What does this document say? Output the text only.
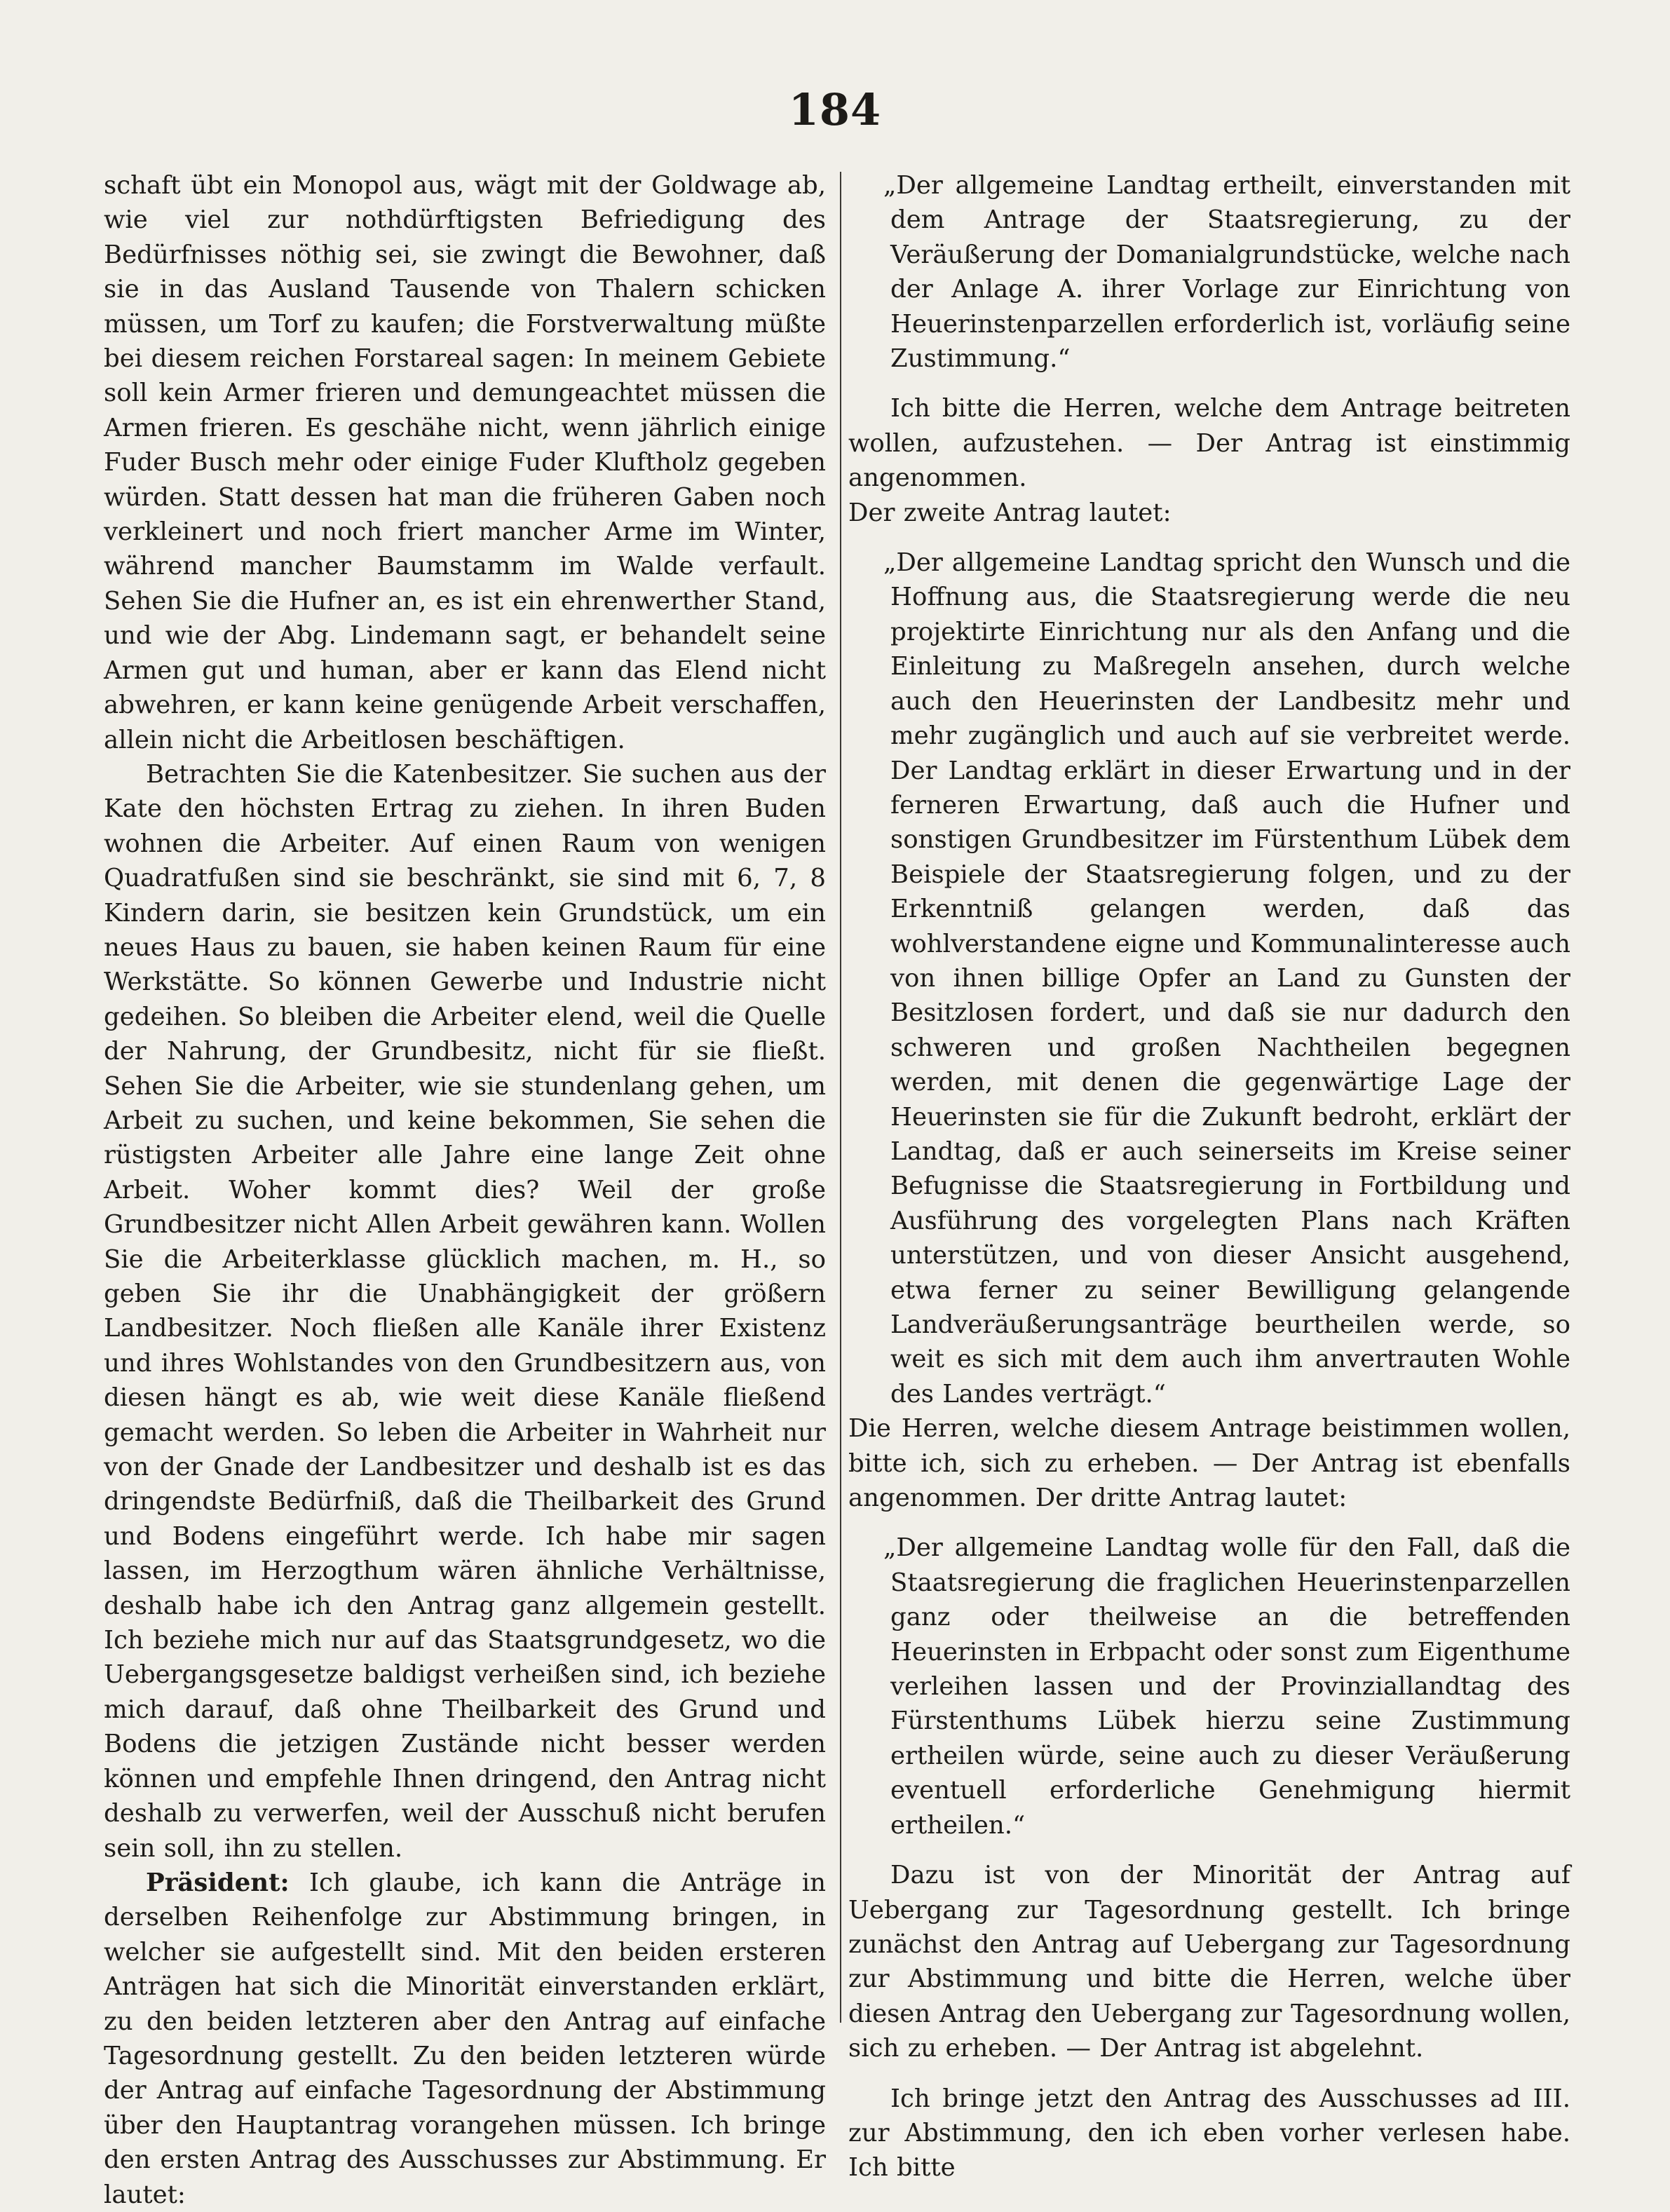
184

schaft übt ein Monopol aus, wägt mit der Goldwage ab, wie viel zur nothdürftigsten Befriedigung des Bedürfnisses nöthig sei, sie zwingt die Bewohner, daß sie in das Ausland Tausende von Thalern schicken müssen, um Torf zu kaufen; die Forstverwaltung müßte bei diesem reichen Forstareal sagen: In meinem Gebiete soll kein Armer frieren und demungeachtet müssen die Armen frieren. Es geschähe nicht, wenn jährlich einige Fuder Busch mehr oder einige Fuder Kluftholz gegeben würden. Statt dessen hat man die früheren Gaben noch verkleinert und noch friert mancher Arme im Winter, während mancher Baumstamm im Walde verfault. Sehen Sie die Hufner an, es ist ein ehrenwerther Stand, und wie der Abg. Lindemann sagt, er behandelt seine Armen gut und human, aber er kann das Elend nicht abwehren, er kann keine genügende Arbeit verschaffen, allein nicht die Arbeitlosen beschäftigen.

Betrachten Sie die Katenbesitzer. Sie suchen aus der Kate den höchsten Ertrag zu ziehen. In ihren Buden wohnen die Arbeiter. Auf einen Raum von wenigen Quadratfußen sind sie beschränkt, sie sind mit 6, 7, 8 Kindern darin, sie besitzen kein Grundstück, um ein neues Haus zu bauen, sie haben keinen Raum für eine Werkstätte. So können Gewerbe und Industrie nicht gedeihen. So bleiben die Arbeiter elend, weil die Quelle der Nahrung, der Grundbesitz, nicht für sie fließt. Sehen Sie die Arbeiter, wie sie stundenlang gehen, um Arbeit zu suchen, und keine bekommen, Sie sehen die rüstigsten Arbeiter alle Jahre eine lange Zeit ohne Arbeit. Woher kommt dies? Weil der große Grundbesitzer nicht Allen Arbeit gewähren kann. Wollen Sie die Arbeiterklasse glücklich machen, m. H., so geben Sie ihr die Unabhängigkeit der größern Landbesitzer. Noch fließen alle Kanäle ihrer Existenz und ihres Wohlstandes von den Grundbesitzern aus, von diesen hängt es ab, wie weit diese Kanäle fließend gemacht werden. So leben die Arbeiter in Wahrheit nur von der Gnade der Landbesitzer und deshalb ist es das dringendste Bedürfniß, daß die Theilbarkeit des Grund und Bodens eingeführt werde. Ich habe mir sagen lassen, im Herzogthum wären ähnliche Verhältnisse, deshalb habe ich den Antrag ganz allgemein gestellt. Ich beziehe mich nur auf das Staatsgrundgesetz, wo die Uebergangsgesetze baldigst verheißen sind, ich beziehe mich darauf, daß ohne Theilbarkeit des Grund und Bodens die jetzigen Zustände nicht besser werden können und empfehle Ihnen dringend, den Antrag nicht deshalb zu verwerfen, weil der Ausschuß nicht berufen sein soll, ihn zu stellen.

Präsident: Ich glaube, ich kann die Anträge in derselben Reihenfolge zur Abstimmung bringen, in welcher sie aufgestellt sind. Mit den beiden ersteren Anträgen hat sich die Minorität einverstanden erklärt, zu den beiden letzteren aber den Antrag auf einfache Tagesordnung gestellt. Zu den beiden letzteren würde der Antrag auf einfache Tagesordnung der Abstimmung über den Hauptantrag vorangehen müssen. Ich bringe den ersten Antrag des Ausschusses zur Abstimmung. Er lautet:

„Der allgemeine Landtag ertheilt, einverstanden mit dem Antrage der Staatsregierung, zu der Veräußerung der Domanialgrundstücke, welche nach der Anlage A. ihrer Vorlage zur Einrichtung von Heuerinstenparzellen erforderlich ist, vorläufig seine Zustimmung.“

Ich bitte die Herren, welche dem Antrage beitreten wollen, aufzustehen. — Der Antrag ist einstimmig angenommen.

Der zweite Antrag lautet:

„Der allgemeine Landtag spricht den Wunsch und die Hoffnung aus, die Staatsregierung werde die neu projektirte Einrichtung nur als den Anfang und die Einleitung zu Maßregeln ansehen, durch welche auch den Heuerinsten der Landbesitz mehr und mehr zugänglich und auch auf sie verbreitet werde. Der Landtag erklärt in dieser Erwartung und in der ferneren Erwartung, daß auch die Hufner und sonstigen Grundbesitzer im Fürstenthum Lübek dem Beispiele der Staatsregierung folgen, und zu der Erkenntniß gelangen werden, daß das wohlverstandene eigne und Kommunalinteresse auch von ihnen billige Opfer an Land zu Gunsten der Besitzlosen fordert, und daß sie nur dadurch den schweren und großen Nachtheilen begegnen werden, mit denen die gegenwärtige Lage der Heuerinsten sie für die Zukunft bedroht, erklärt der Landtag, daß er auch seinerseits im Kreise seiner Befugnisse die Staatsregierung in Fortbildung und Ausführung des vorgelegten Plans nach Kräften unterstützen, und von dieser Ansicht ausgehend, etwa ferner zu seiner Bewilligung gelangende Landveräußerungsanträge beurtheilen werde, so weit es sich mit dem auch ihm anvertrauten Wohle des Landes verträgt.“

Die Herren, welche diesem Antrage beistimmen wollen, bitte ich, sich zu erheben. — Der Antrag ist ebenfalls angenommen. Der dritte Antrag lautet:

„Der allgemeine Landtag wolle für den Fall, daß die Staatsregierung die fraglichen Heuerinstenparzellen ganz oder theilweise an die betreffenden Heuerinsten in Erbpacht oder sonst zum Eigenthume verleihen lassen und der Provinziallandtag des Fürstenthums Lübek hierzu seine Zustimmung ertheilen würde, seine auch zu dieser Veräußerung eventuell erforderliche Genehmigung hiermit ertheilen.“

Dazu ist von der Minorität der Antrag auf Uebergang zur Tagesordnung gestellt. Ich bringe zunächst den Antrag auf Uebergang zur Tagesordnung zur Abstimmung und bitte die Herren, welche über diesen Antrag den Uebergang zur Tagesordnung wollen, sich zu erheben. — Der Antrag ist abgelehnt.

Ich bringe jetzt den Antrag des Ausschusses ad III. zur Abstimmung, den ich eben vorher verlesen habe. Ich bitte
